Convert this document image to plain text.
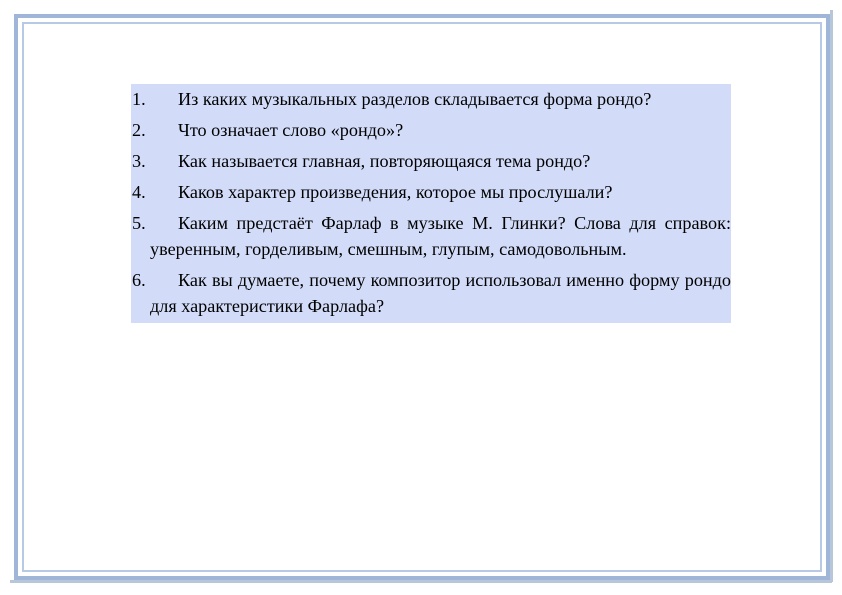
1.	Из каких музыкальных разделов складывается форма рондо?
2.	Что означает слово «рондо»?
3.	Как называется главная, повторяющаяся тема рондо?
4.	Каков характер произведения, которое мы прослушали?
5.	Каким предстаёт Фарлаф в музыке М. Глинки? Слова для справок: уверенным, горделивым, смешным, глупым, самодовольным.
6.	Как вы думаете, почему композитор использовал именно форму рондо для характеристики Фарлафа?
